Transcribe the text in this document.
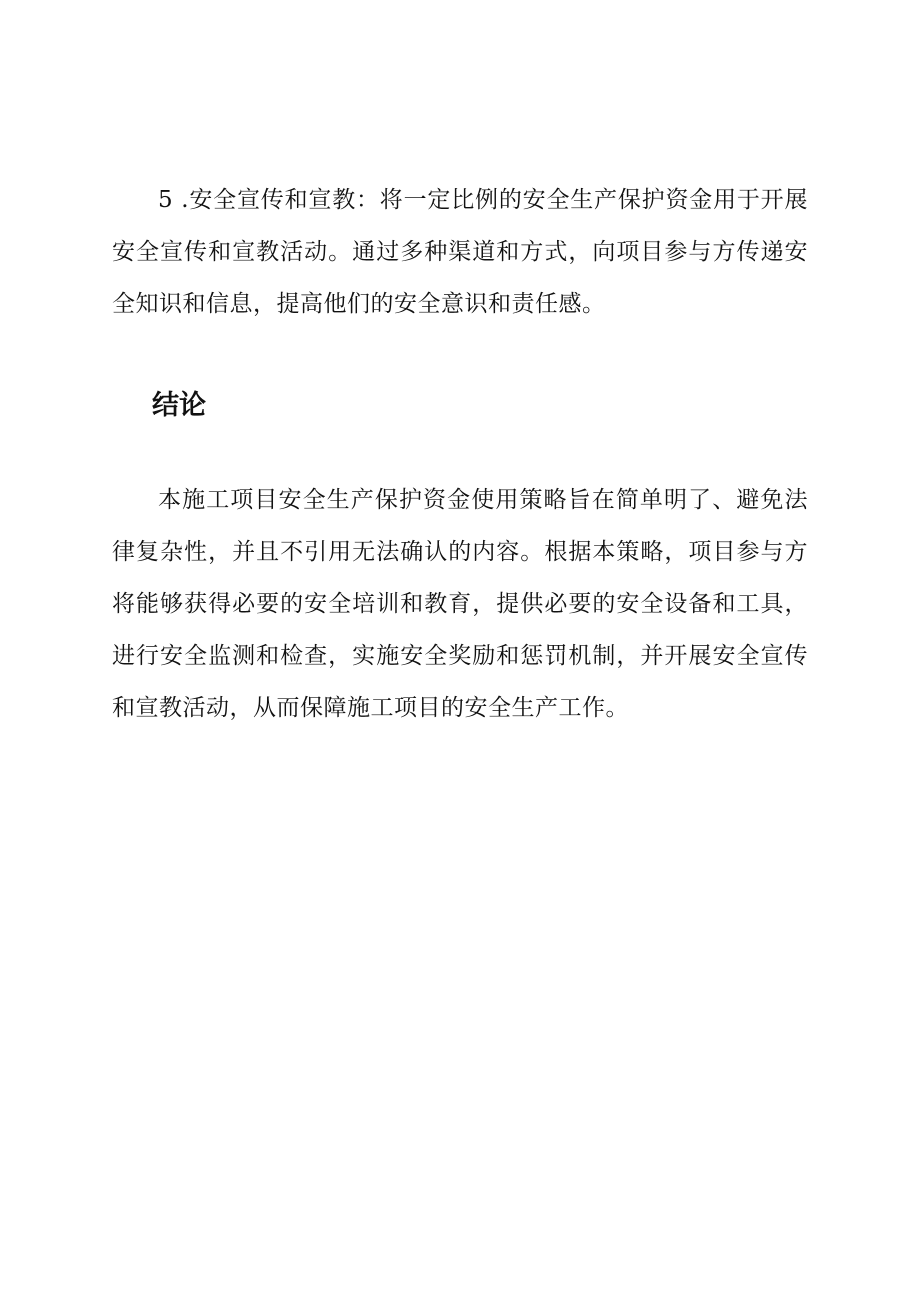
5 .安全宣传和宣教：将一定比例的安全生产保护资金用于开展安全宣传和宣教活动。通过多种渠道和方式，向项目参与方传递安全知识和信息，提高他们的安全意识和责任感。

结论

本施工项目安全生产保护资金使用策略旨在简单明了、避免法律复杂性，并且不引用无法确认的内容。根据本策略，项目参与方将能够获得必要的安全培训和教育，提供必要的安全设备和工具，进行安全监测和检查，实施安全奖励和惩罚机制，并开展安全宣传和宣教活动，从而保障施工项目的安全生产工作。
